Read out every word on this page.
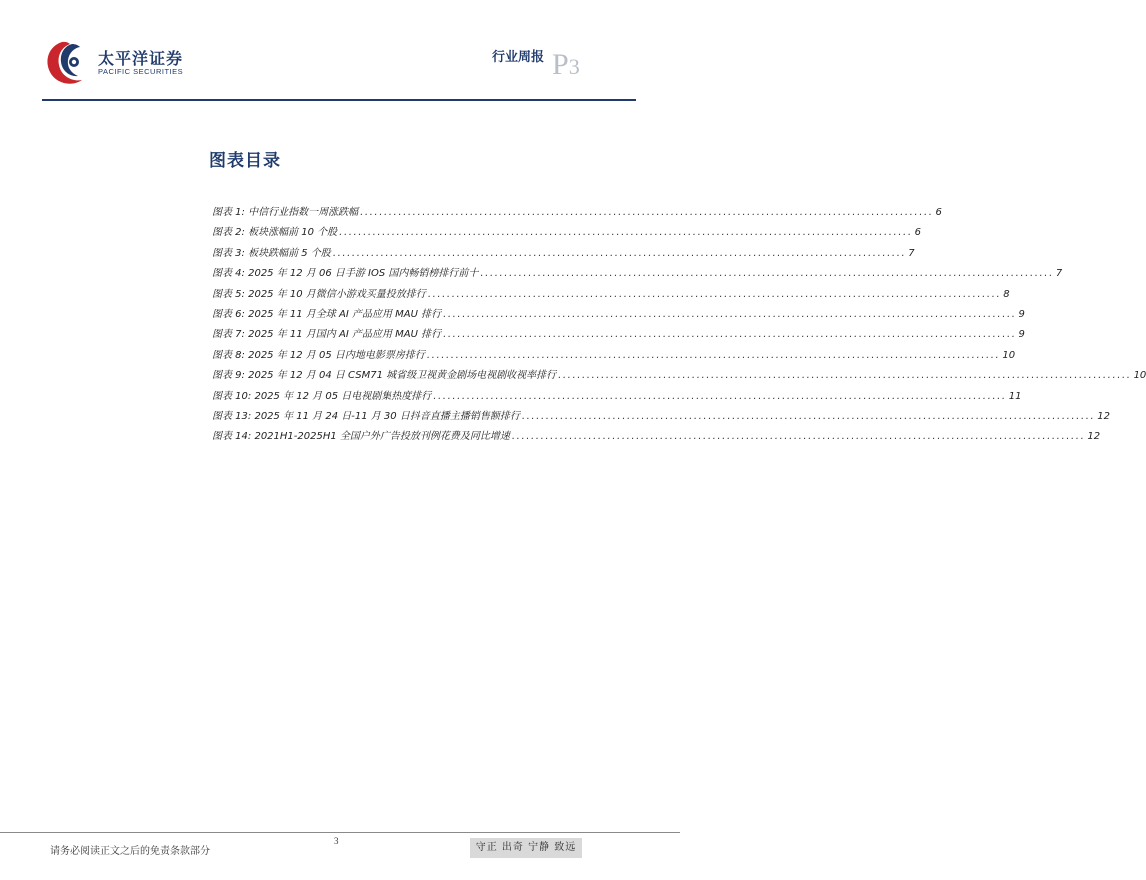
太平洋证券
PACIFIC SECURITIES
行业周报 P3
图表目录
图表 1: 中信行业指数一周涨跌幅 ........................................................................................................................ 6
图表 2: 板块涨幅前 10 个股 ........................................................................................................................ 6
图表 3: 板块跌幅前 5 个股 ........................................................................................................................ 7
图表 4: 2025 年 12 月 06 日手游 IOS 国内畅销榜排行前十 ........................................................................................................................ 7
图表 5: 2025 年 10 月微信小游戏买量投放排行 ........................................................................................................................ 8
图表 6: 2025 年 11 月全球 AI 产品应用 MAU 排行 ........................................................................................................................ 9
图表 7: 2025 年 11 月国内 AI 产品应用 MAU 排行 ........................................................................................................................ 9
图表 8: 2025 年 12 月 05 日内地电影票房排行 ........................................................................................................................ 10
图表 9: 2025 年 12 月 04 日 CSM71 城省级卫视黄金剧场电视剧收视率排行 ........................................................................................................................ 10
图表 10: 2025 年 12 月 05 日电视剧集热度排行 ........................................................................................................................ 11
图表 13: 2025 年 11 月 24 日-11 月 30 日抖音直播主播销售额排行 ........................................................................................................................ 12
图表 14: 2021H1-2025H1 全国户外广告投放刊例花费及同比增速 ........................................................................................................................ 12
请务必阅读正文之后的免责条款部分
3
守正 出奇 宁静 致远
